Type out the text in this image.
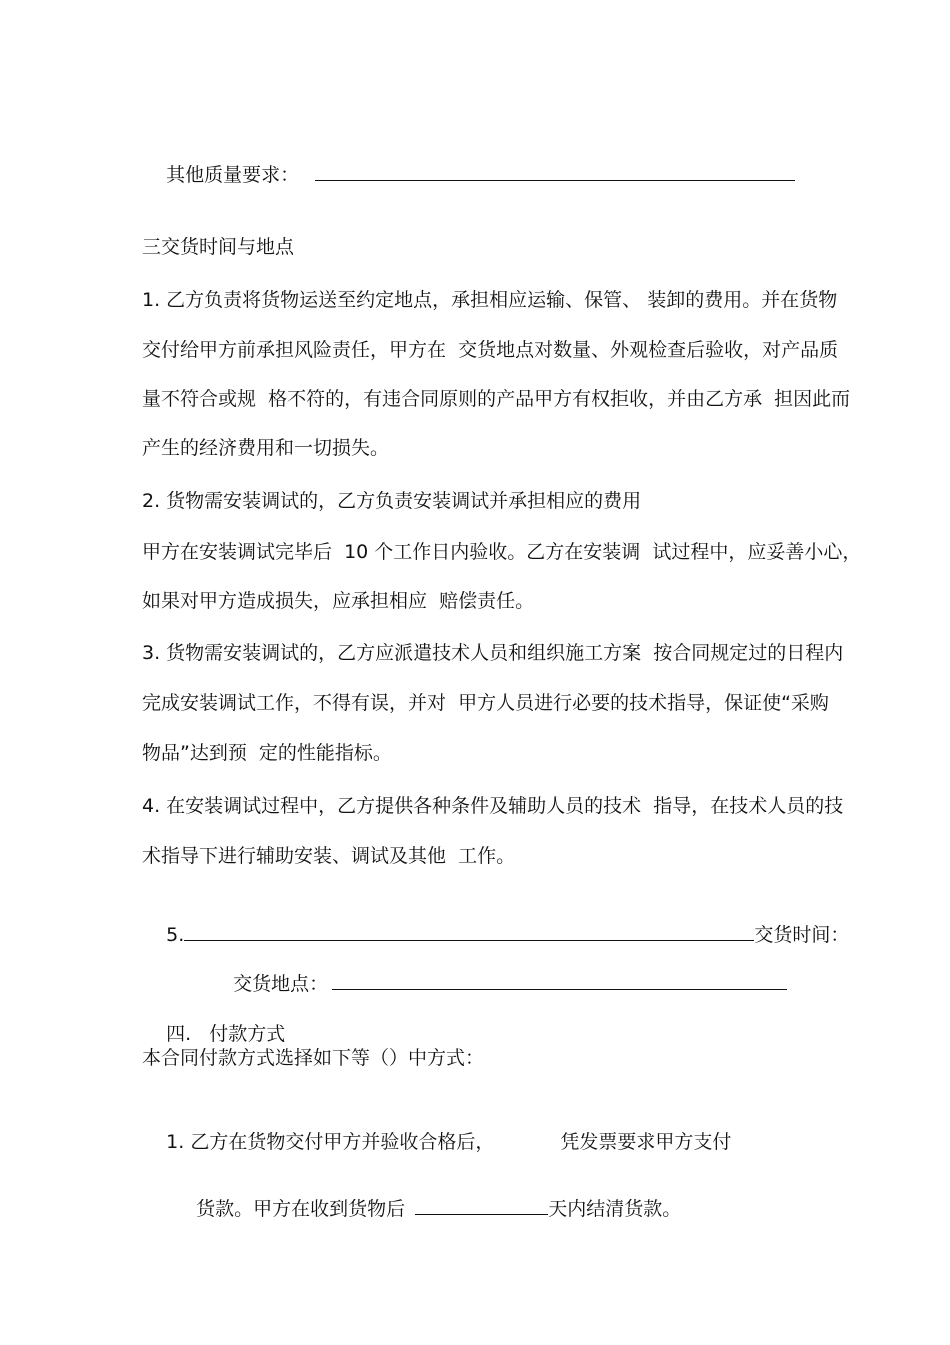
其他质量要求：

三交货时间与地点
1. 乙方负责将货物运送至约定地点，承担相应运输、保管、 装卸的费用。并在货物
交付给甲方前承担风险责任，甲方在  交货地点对数量、外观检查后验收，对产品质
量不符合或规  格不符的，有违合同原则的产品甲方有权拒收，并由乙方承  担因此而
产生的经济费用和一切损失。
2. 货物需安装调试的，乙方负责安装调试并承担相应的费用
甲方在安装调试完毕后  10 个工作日内验收。乙方在安装调  试过程中，应妥善小心，
如果对甲方造成损失，应承担相应  赔偿责任。
3. 货物需安装调试的，乙方应派遣技术人员和组织施工方案  按合同规定过的日程内
完成安装调试工作，不得有误，并对  甲方人员进行必要的技术指导，保证使“采购
物品”达到预  定的性能指标。
4. 在安装调试过程中，乙方提供各种条件及辅助人员的技术  指导，在技术人员的技
术指导下进行辅助安装、调试及其他  工作。

5.	交货时间：

交货地点：

四. 付款方式

本合同付款方式选择如下等（）中方式：

1. 乙方在货物交付甲方并验收合格后，	凭发票要求甲方支付

货款。甲方在收到货物后	天内结清货款。
